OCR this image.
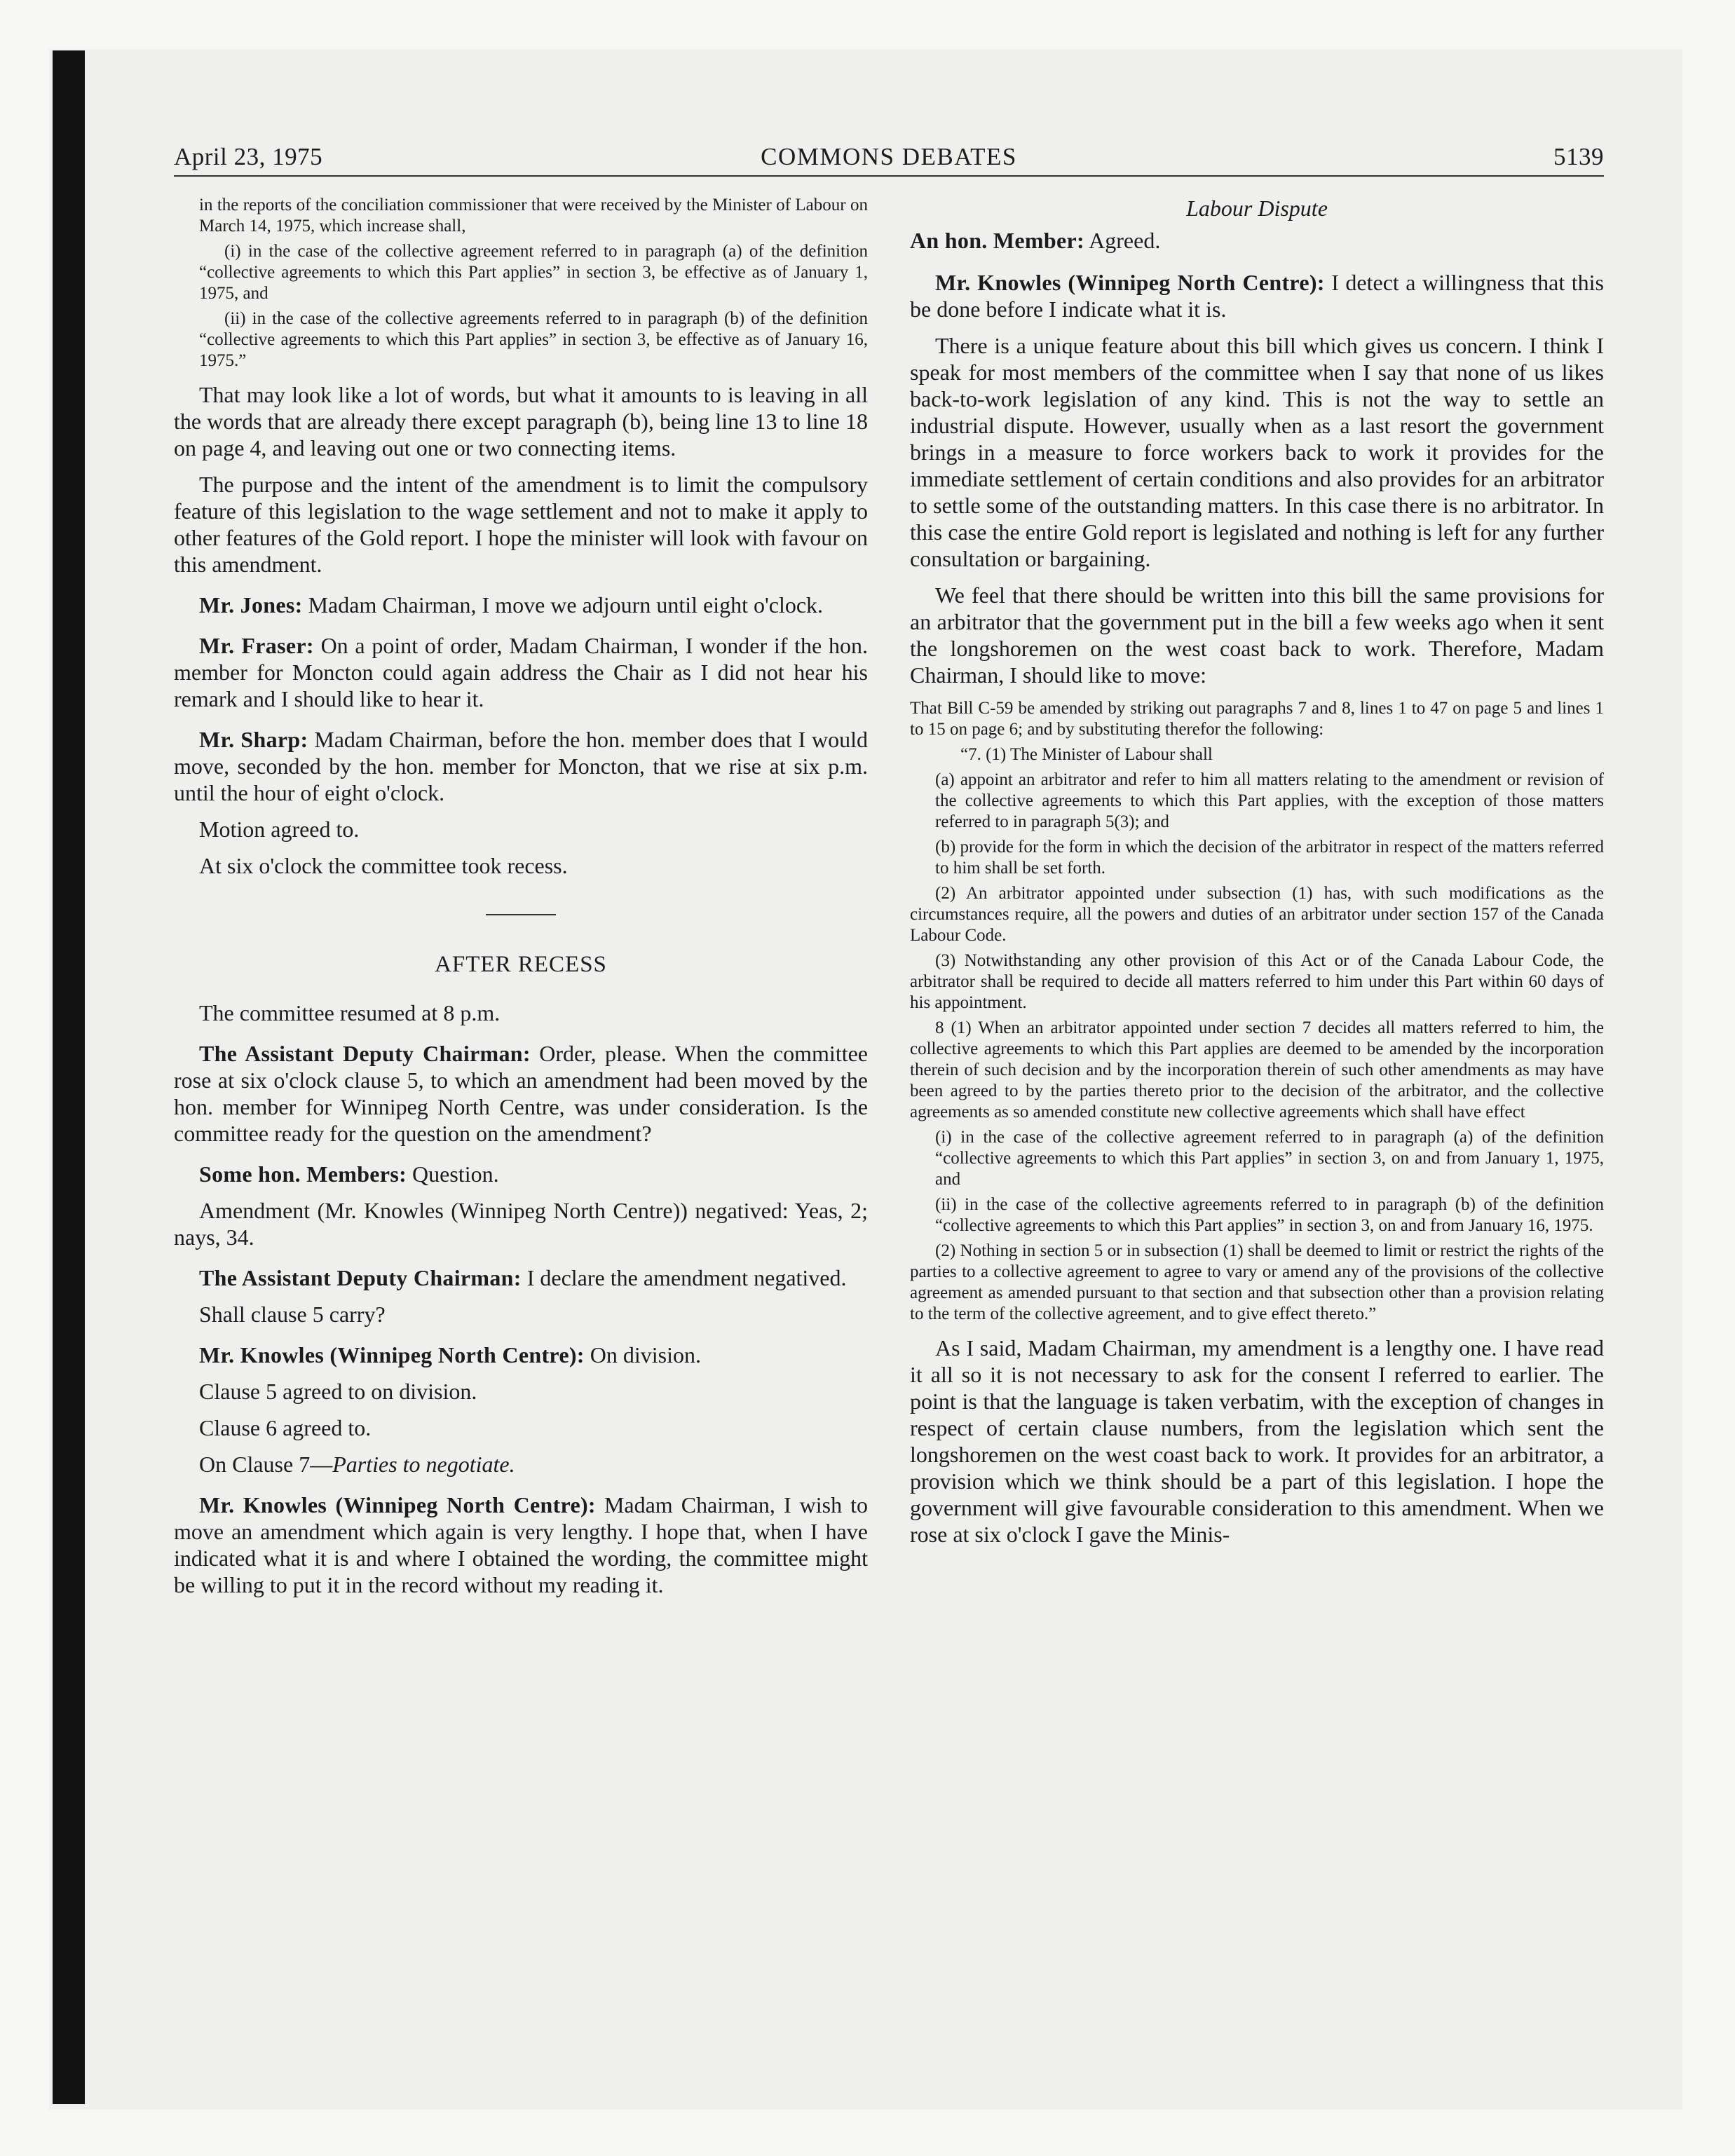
April 23, 1975	COMMONS DEBATES	5139

in the reports of the conciliation commissioner that were received by the Minister of Labour on March 14, 1975, which increase shall,

(i) in the case of the collective agreement referred to in paragraph (a) of the definition “collective agreements to which this Part applies” in section 3, be effective as of January 1, 1975, and

(ii) in the case of the collective agreements referred to in paragraph (b) of the definition “collective agreements to which this Part applies” in section 3, be effective as of January 16, 1975.”

That may look like a lot of words, but what it amounts to is leaving in all the words that are already there except paragraph (b), being line 13 to line 18 on page 4, and leaving out one or two connecting items.

The purpose and the intent of the amendment is to limit the compulsory feature of this legislation to the wage settlement and not to make it apply to other features of the Gold report. I hope the minister will look with favour on this amendment.

Mr. Jones: Madam Chairman, I move we adjourn until eight o'clock.

Mr. Fraser: On a point of order, Madam Chairman, I wonder if the hon. member for Moncton could again address the Chair as I did not hear his remark and I should like to hear it.

Mr. Sharp: Madam Chairman, before the hon. member does that I would move, seconded by the hon. member for Moncton, that we rise at six p.m. until the hour of eight o'clock.

Motion agreed to.

At six o'clock the committee took recess.

AFTER RECESS

The committee resumed at 8 p.m.

The Assistant Deputy Chairman: Order, please. When the committee rose at six o'clock clause 5, to which an amendment had been moved by the hon. member for Winnipeg North Centre, was under consideration. Is the committee ready for the question on the amendment?

Some hon. Members: Question.

Amendment (Mr. Knowles (Winnipeg North Centre)) negatived: Yeas, 2; nays, 34.

The Assistant Deputy Chairman: I declare the amendment negatived.

Shall clause 5 carry?

Mr. Knowles (Winnipeg North Centre): On division.

Clause 5 agreed to on division.

Clause 6 agreed to.

On Clause 7—Parties to negotiate.

Mr. Knowles (Winnipeg North Centre): Madam Chairman, I wish to move an amendment which again is very lengthy. I hope that, when I have indicated what it is and where I obtained the wording, the committee might be willing to put it in the record without my reading it.

Labour Dispute

An hon. Member: Agreed.

Mr. Knowles (Winnipeg North Centre): I detect a willingness that this be done before I indicate what it is.

There is a unique feature about this bill which gives us concern. I think I speak for most members of the committee when I say that none of us likes back-to-work legislation of any kind. This is not the way to settle an industrial dispute. However, usually when as a last resort the government brings in a measure to force workers back to work it provides for the immediate settlement of certain conditions and also provides for an arbitrator to settle some of the outstanding matters. In this case there is no arbitrator. In this case the entire Gold report is legislated and nothing is left for any further consultation or bargaining.

We feel that there should be written into this bill the same provisions for an arbitrator that the government put in the bill a few weeks ago when it sent the longshoremen on the west coast back to work. Therefore, Madam Chairman, I should like to move:

That Bill C-59 be amended by striking out paragraphs 7 and 8, lines 1 to 47 on page 5 and lines 1 to 15 on page 6; and by substituting therefor the following:

“7. (1) The Minister of Labour shall

(a) appoint an arbitrator and refer to him all matters relating to the amendment or revision of the collective agreements to which this Part applies, with the exception of those matters referred to in paragraph 5(3); and

(b) provide for the form in which the decision of the arbitrator in respect of the matters referred to him shall be set forth.

(2) An arbitrator appointed under subsection (1) has, with such modifications as the circumstances require, all the powers and duties of an arbitrator under section 157 of the Canada Labour Code.

(3) Notwithstanding any other provision of this Act or of the Canada Labour Code, the arbitrator shall be required to decide all matters referred to him under this Part within 60 days of his appointment.

8 (1) When an arbitrator appointed under section 7 decides all matters referred to him, the collective agreements to which this Part applies are deemed to be amended by the incorporation therein of such decision and by the incorporation therein of such other amendments as may have been agreed to by the parties thereto prior to the decision of the arbitrator, and the collective agreements as so amended constitute new collective agreements which shall have effect

(i) in the case of the collective agreement referred to in paragraph (a) of the definition “collective agreements to which this Part applies” in section 3, on and from January 1, 1975, and

(ii) in the case of the collective agreements referred to in paragraph (b) of the definition “collective agreements to which this Part applies” in section 3, on and from January 16, 1975.

(2) Nothing in section 5 or in subsection (1) shall be deemed to limit or restrict the rights of the parties to a collective agreement to agree to vary or amend any of the provisions of the collective agreement as amended pursuant to that section and that subsection other than a provision relating to the term of the collective agreement, and to give effect thereto.”

As I said, Madam Chairman, my amendment is a lengthy one. I have read it all so it is not necessary to ask for the consent I referred to earlier. The point is that the language is taken verbatim, with the exception of changes in respect of certain clause numbers, from the legislation which sent the longshoremen on the west coast back to work. It provides for an arbitrator, a provision which we think should be a part of this legislation. I hope the government will give favourable consideration to this amendment. When we rose at six o'clock I gave the Minis-
